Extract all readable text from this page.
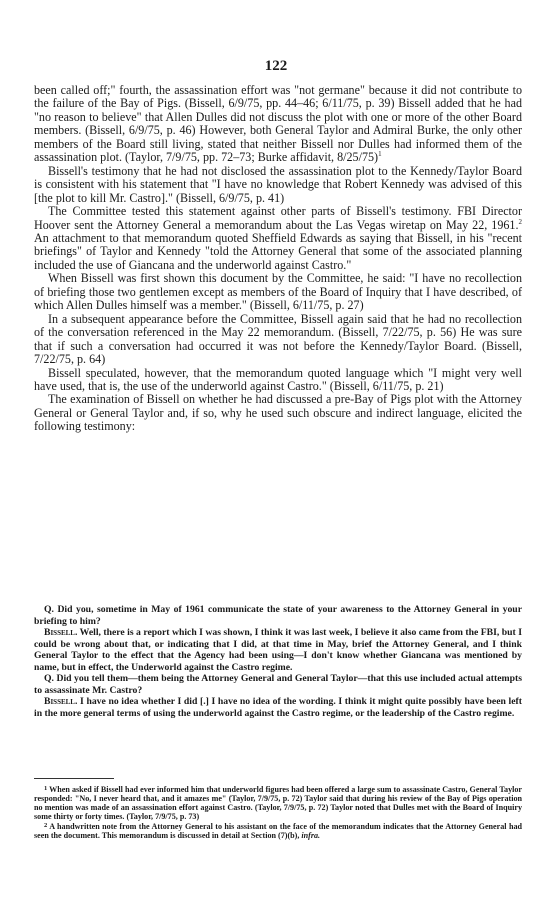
122

been called off;" fourth, the assassination effort was "not germane" because it did not contribute to the failure of the Bay of Pigs. (Bissell, 6/9/75, pp. 44–46; 6/11/75, p. 39) Bissell added that he had "no reason to believe" that Allen Dulles did not discuss the plot with one or more of the other Board members. (Bissell, 6/9/75, p. 46) However, both General Taylor and Admiral Burke, the only other members of the Board still living, stated that neither Bissell nor Dulles had informed them of the assassination plot. (Taylor, 7/9/75, pp. 72–73; Burke affidavit, 8/25/75)$^1$

Bissell's testimony that he had not disclosed the assassination plot to the Kennedy/Taylor Board is consistent with his statement that "I have no knowledge that Robert Kennedy was advised of this [the plot to kill Mr. Castro]." (Bissell, 6/9/75, p. 41)

The Committee tested this statement against other parts of Bissell's testimony. FBI Director Hoover sent the Attorney General a memorandum about the Las Vegas wiretap on May 22, 1961.$^2$ An attachment to that memorandum quoted Sheffield Edwards as saying that Bissell, in his "recent briefings" of Taylor and Kennedy "told the Attorney General that some of the associated planning included the use of Giancana and the underworld against Castro."

When Bissell was first shown this document by the Committee, he said: "I have no recollection of briefing those two gentlemen except as members of the Board of Inquiry that I have described, of which Allen Dulles himself was a member." (Bissell, 6/11/75, p. 27)

In a subsequent appearance before the Committee, Bissell again said that he had no recollection of the conversation referenced in the May 22 memorandum. (Bissell, 7/22/75, p. 56) He was sure that if such a conversation had occurred it was not before the Kennedy/Taylor Board. (Bissell, 7/22/75, p. 64)

Bissell speculated, however, that the memorandum quoted language which "I might very well have used, that is, the use of the underworld against Castro." (Bissell, 6/11/75, p. 21)

The examination of Bissell on whether he had discussed a pre-Bay of Pigs plot with the Attorney General or General Taylor and, if so, why he used such obscure and indirect language, elicited the following testimony:

Q. Did you, sometime in May of 1961 communicate the state of your awareness to the Attorney General in your briefing to him?

Bissell. Well, there is a report which I was shown, I think it was last week, I believe it also came from the FBI, but I could be wrong about that, or indicating that I did, at that time in May, brief the Attorney General, and I think General Taylor to the effect that the Agency had been using—I don't know whether Giancana was mentioned by name, but in effect, the Underworld against the Castro regime.

Q. Did you tell them—them being the Attorney General and General Taylor—that this use included actual attempts to assassinate Mr. Castro?

Bissell. I have no idea whether I did [.] I have no idea of the wording. I think it might quite possibly have been left in the more general terms of using the underworld against the Castro regime, or the leadership of the Castro regime.

$^1$ When asked if Bissell had ever informed him that underworld figures had been offered a large sum to assassinate Castro, General Taylor responded: "No, I never heard that, and it amazes me" (Taylor, 7/9/75, p. 72) Taylor said that during his review of the Bay of Pigs operation no mention was made of an assassination effort against Castro. (Taylor, 7/9/75, p. 72) Taylor noted that Dulles met with the Board of Inquiry some thirty or forty times. (Taylor, 7/9/75, p. 73)

$^2$ A handwritten note from the Attorney General to his assistant on the face of the memorandum indicates that the Attorney General had seen the document. This memorandum is discussed in detail at Section (7)(b), infra.
